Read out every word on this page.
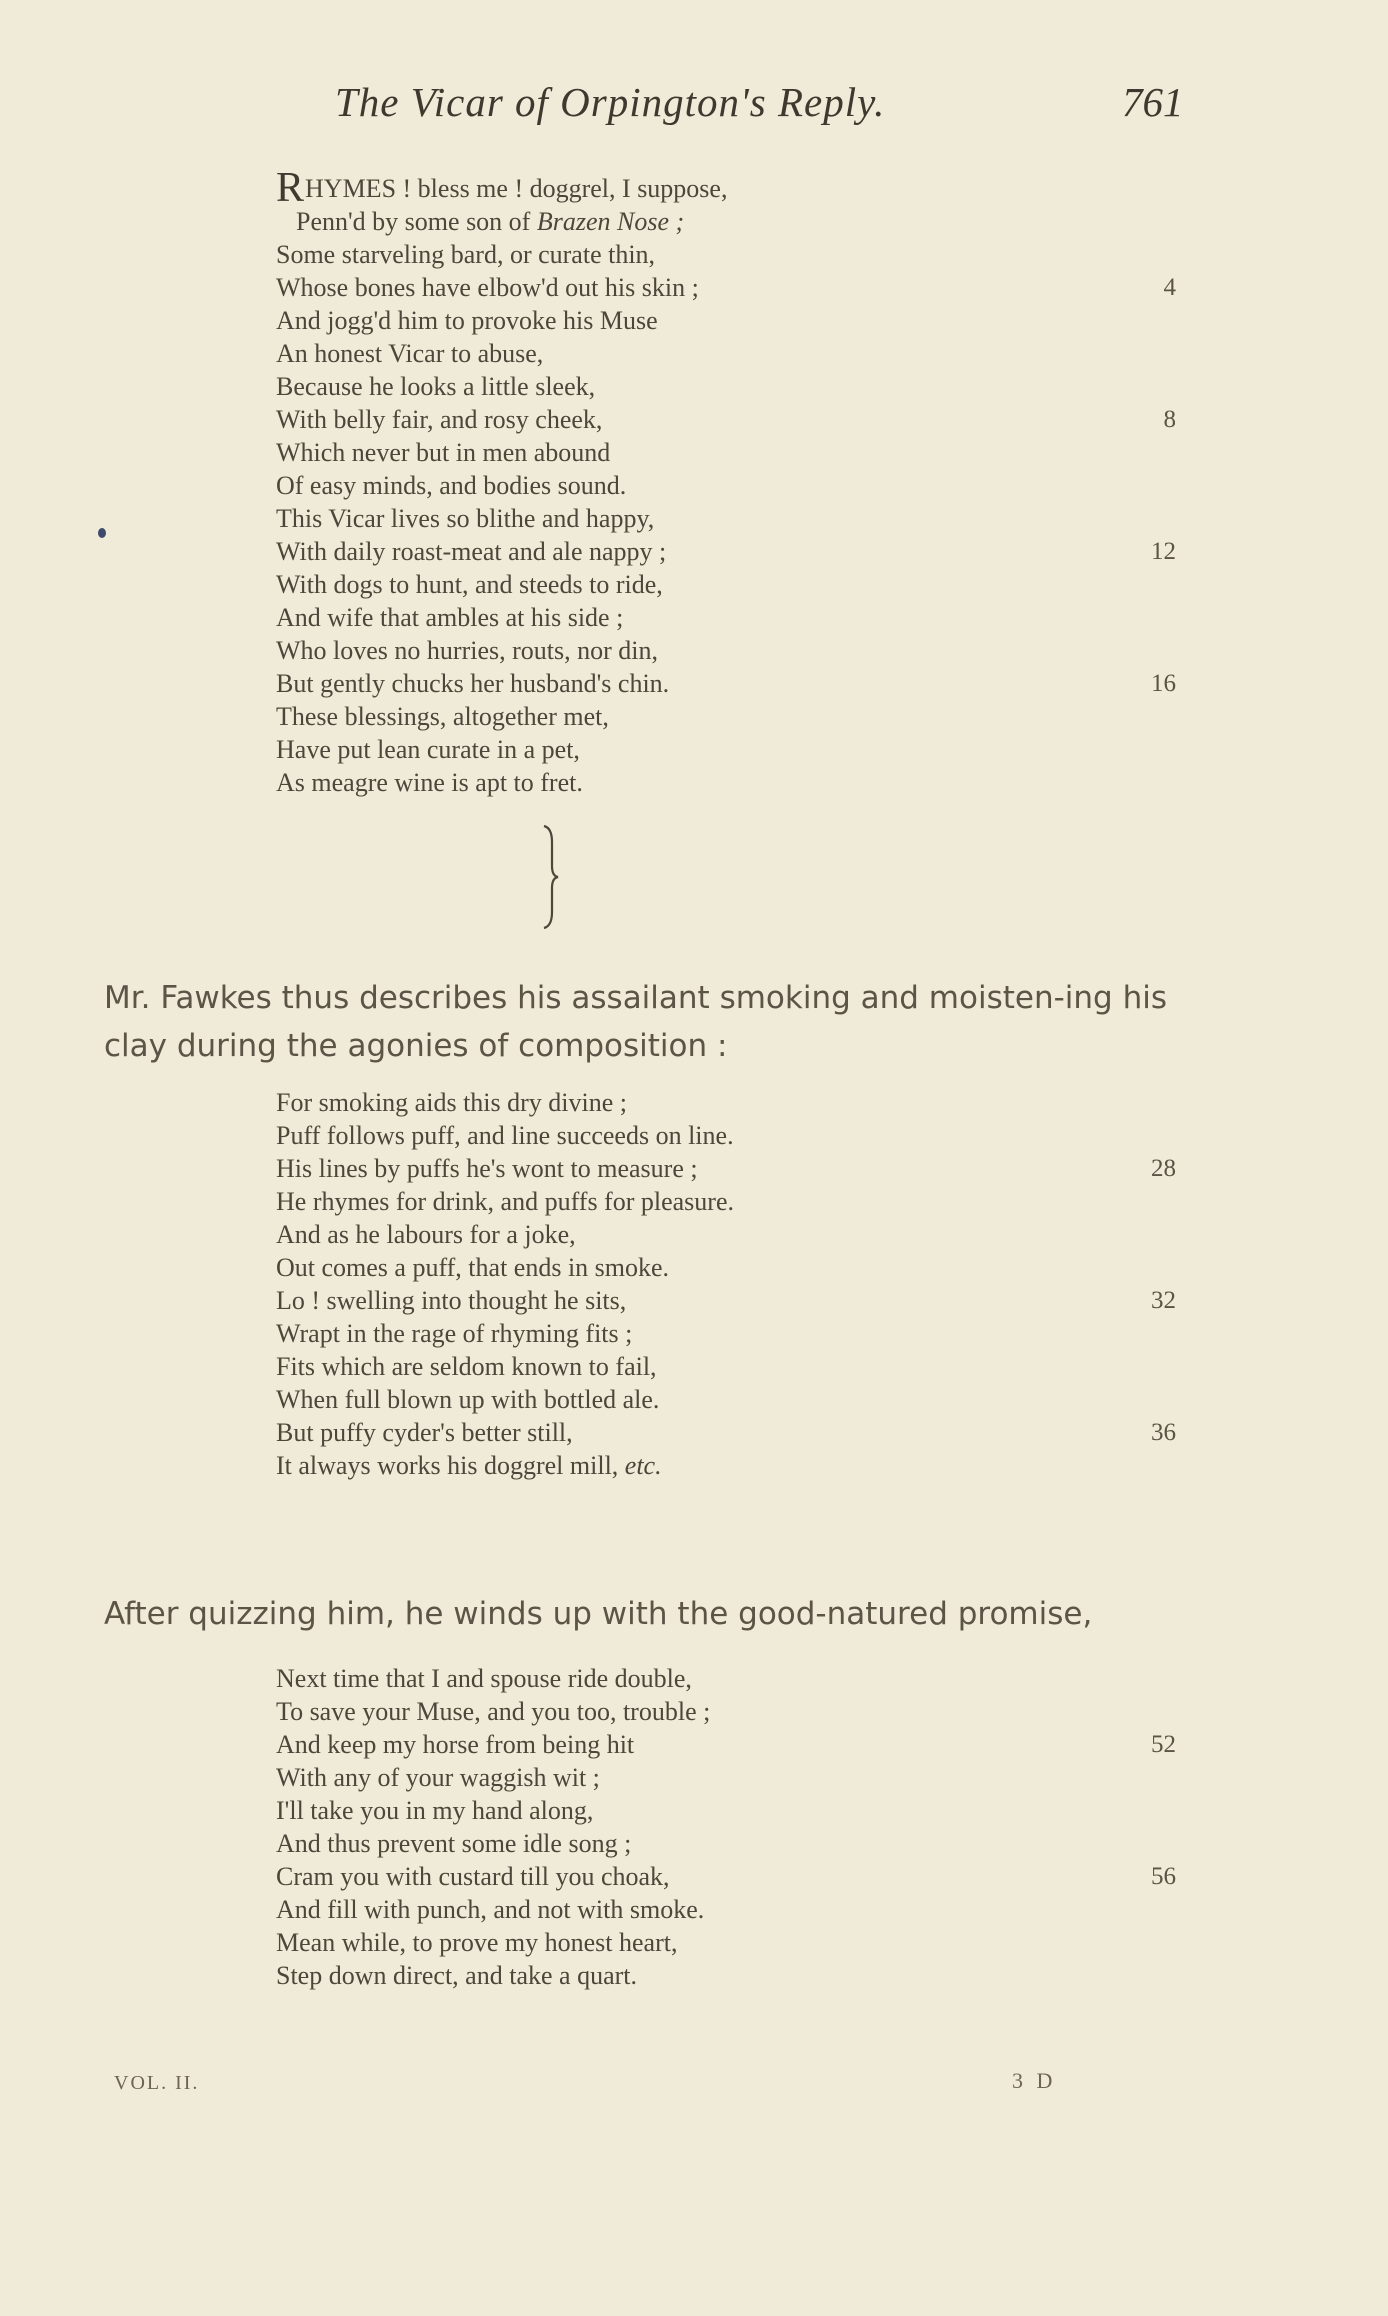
The Vicar of Orpington's Reply.	761
RHYMES ! bless me ! doggrel, I suppose,
Penn'd by some son of Brazen Nose ;
Some starveling bard, or curate thin,
Whose bones have elbow'd out his skin ;	4
And jogg'd him to provoke his Muse
An honest Vicar to abuse,
Because he looks a little sleek,
With belly fair, and rosy cheek,	8
Which never but in men abound
Of easy minds, and bodies sound.
This Vicar lives so blithe and happy,
With daily roast-meat and ale nappy ;	12
With dogs to hunt, and steeds to ride,
And wife that ambles at his side ;
Who loves no hurries, routs, nor din,
But gently chucks her husband's chin.	16
These blessings, altogether met,
Have put lean curate in a pet,
As meagre wine is apt to fret.

Mr. Fawkes thus describes his assailant smoking and moisten-ing his clay during the agonies of composition :

For smoking aids this dry divine ;
Puff follows puff, and line succeeds on line.
His lines by puffs he's wont to measure ;	28
He rhymes for drink, and puffs for pleasure.
And as he labours for a joke,
Out comes a puff, that ends in smoke.
Lo ! swelling into thought he sits,	32
Wrapt in the rage of rhyming fits ;
Fits which are seldom known to fail,
When full blown up with bottled ale.
But puffy cyder's better still,	36
It always works his doggrel mill, etc.

After quizzing him, he winds up with the good-natured promise,

Next time that I and spouse ride double,
To save your Muse, and you too, trouble ;
And keep my horse from being hit	52
With any of your waggish wit ;
I'll take you in my hand along,
And thus prevent some idle song ;
Cram you with custard till you choak,	56
And fill with punch, and not with smoke.
Mean while, to prove my honest heart,
Step down direct, and take a quart.
VOL. II.	3 D
